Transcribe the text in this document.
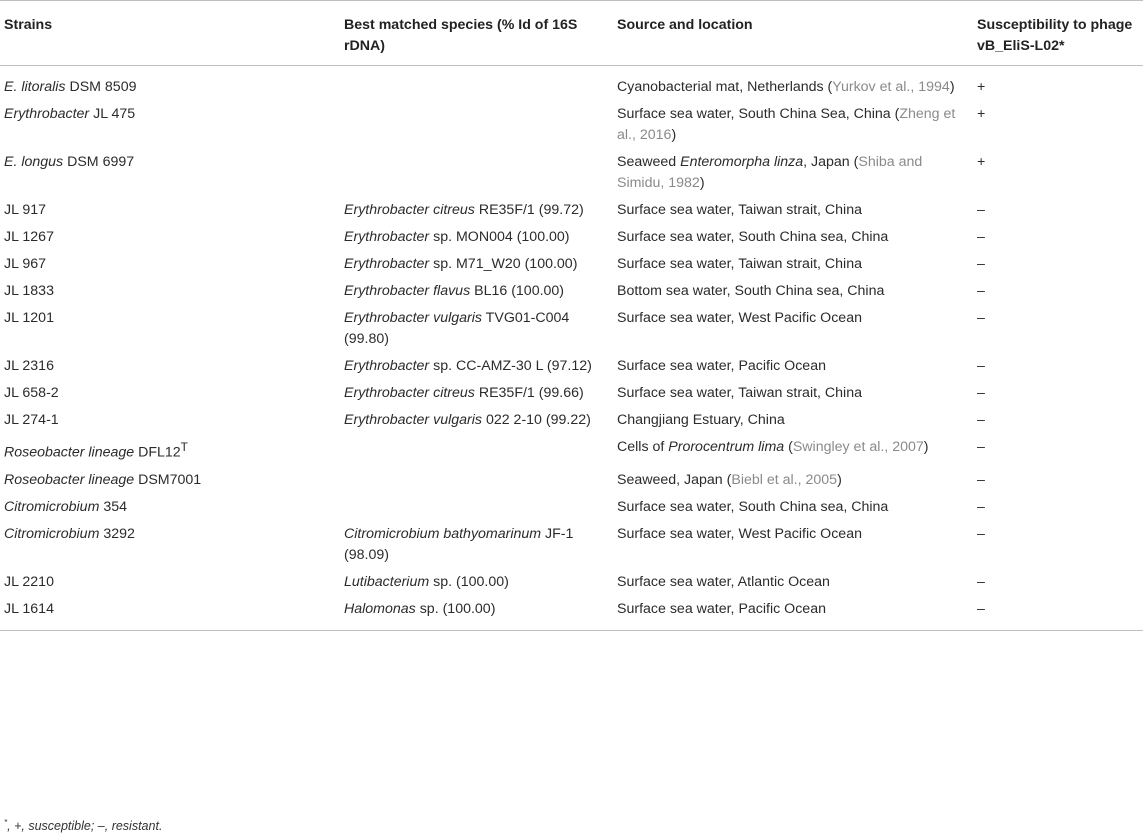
Strains	Best matched species (% Id of 16S rDNA)	Source and location	Susceptibility to phage vB_EliS-L02*
E. litoralis DSM 8509		Cyanobacterial mat, Netherlands (Yurkov et al., 1994)	+
Erythrobacter JL 475		Surface sea water, South China Sea, China (Zheng et al., 2016)	+
E. longus DSM 6997		Seaweed Enteromorpha linza, Japan (Shiba and Simidu, 1982)	+
JL 917	Erythrobacter citreus RE35F/1 (99.72)	Surface sea water, Taiwan strait, China	–
JL 1267	Erythrobacter sp. MON004 (100.00)	Surface sea water, South China sea, China	–
JL 967	Erythrobacter sp. M71_W20 (100.00)	Surface sea water, Taiwan strait, China	–
JL 1833	Erythrobacter flavus BL16 (100.00)	Bottom sea water, South China sea, China	–
JL 1201	Erythrobacter vulgaris TVG01-C004 (99.80)	Surface sea water, West Pacific Ocean	–
JL 2316	Erythrobacter sp. CC-AMZ-30 L (97.12)	Surface sea water, Pacific Ocean	–
JL 658-2	Erythrobacter citreus RE35F/1 (99.66)	Surface sea water, Taiwan strait, China	–
JL 274-1	Erythrobacter vulgaris 022 2-10 (99.22)	Changjiang Estuary, China	–
Roseobacter lineage $DFL12^T$		Cells of Prorocentrum lima (Swingley et al., 2007)	–
Roseobacter lineage DSM7001		Seaweed, Japan (Biebl et al., 2005)	–
Citromicrobium 354		Surface sea water, South China sea, China	–
Citromicrobium 3292	Citromicrobium bathyomarinum JF-1 (98.09)	Surface sea water, West Pacific Ocean	–
JL 2210	Lutibacterium sp. (100.00)	Surface sea water, Atlantic Ocean	–
JL 1614	Halomonas sp. (100.00)	Surface sea water, Pacific Ocean	–
*, +, susceptible; –, resistant.
